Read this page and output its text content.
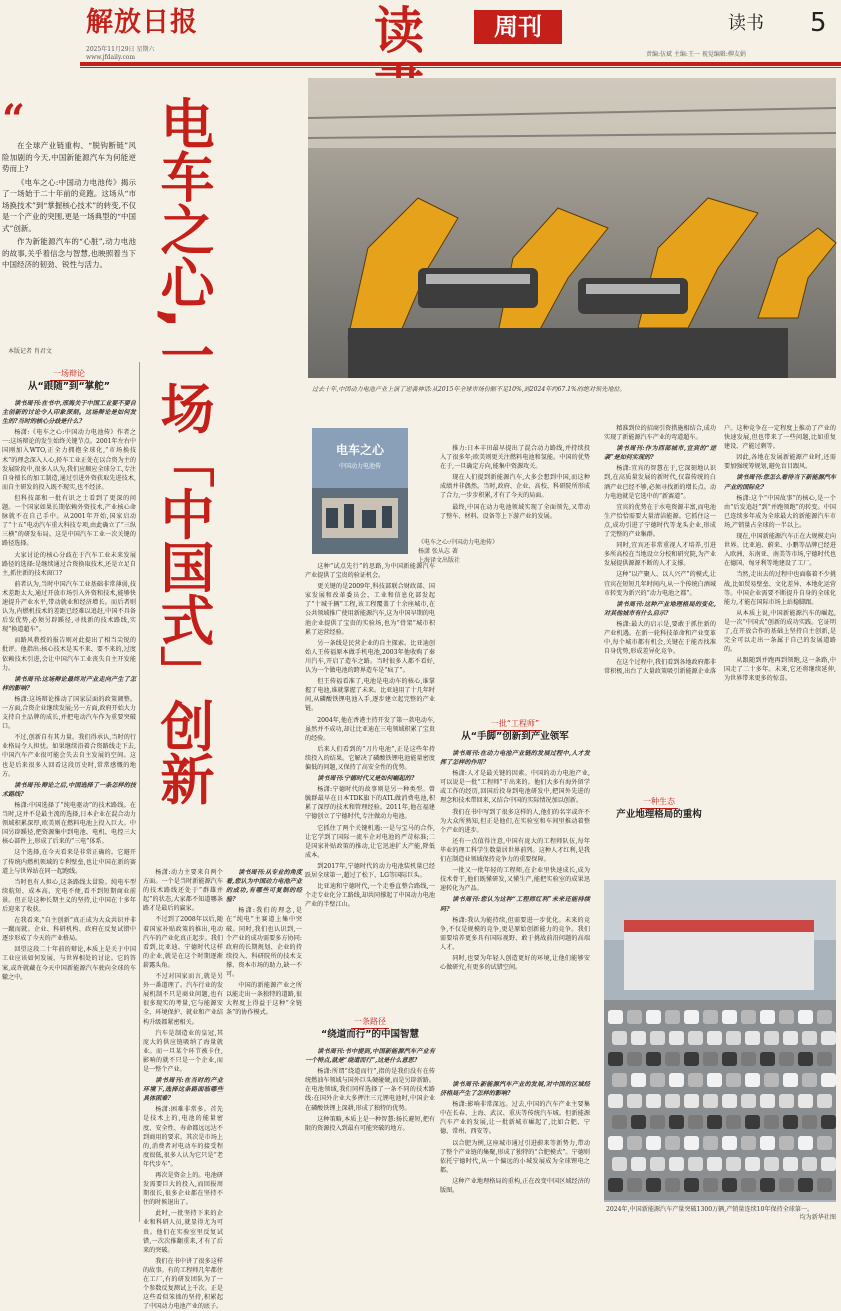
解放日报
2025年11月29日 星期六
www.jfdaily.com	读	周刊	读书 5
责编:伍斌 主编:王一 视觉编辑:柳友娟
“

在全球产业链重构、“脱钩断链”风险加剧的今天,中国新能源汽车为何能逆势而上?

《电车之心:中国动力电池传》揭示了一场始于二十年前的竞跑。这场从“市场换技术”到“掌握核心技术”的转变,不仅是一个产业的突围,更是一场典型的“中国式”创新。

作为新能源汽车的“心脏”,动力电池的故事,关乎着信念与智慧,也映照着当下中国经济的韧劲、锐性与活力。

本版记者 肖君文 电车之心,一场「中国式」创新
一场辩论
从“跟随”到“掌舵”

读书周刊:在书中,邢海关于中国工业要不要自主创新的讨论令人印象深刻。这场辩论是如何发生的?当时的核心分歧是什么?

杨潇:《电车之心:中国动力电池传》作者之一:这场辩论的发生始终关键节点。2001年左右中国刚加入WTO,正全力拥抱全球化,“市场换技术”的理念深入人心,轿车工业正处在以合资为主的发展阶段中,很多人认为,我们应顺应全球分工,专注自身擅长的加工制造,通过引进外资获取先进技术,而自主研发的投入既不现实,也不经济。

但科技部和一批有识之士看到了更深的问题。一个国家如果长期依赖外资技术,产业核心命脉就不在自己手中。从2001年开始,国家启动了“十五”电动汽车重大科技专项,由此确立了“三纵三横”的研发布局。这是中国汽车工业一次关键的路径选择。

大家讨论的核心分歧在于汽车工业未来发展路径的选择:是继续通过合资换取技术,还是立足自主,抓住新的技术窗口?

前者认为,当时中国汽车工业基础非常薄弱,技术差距太大,通过开放市场引入外资和技术,能够快速提升产业水平,带动就业和经济增长。而后者则认为,内燃机技术的差距已经难以追赶,中国不具备后发优势,必须另辟蹊径,寻找新的技术路线,实现“换道超车”。

而路风教授的报告则对此提出了相当尖锐的批评。他指出:核心技术是买不来、要不来的,过度依赖技术引进,会让中国汽车工业丧失自主开发能力。

读书周刊:这场辩论最终对产业走向产生了怎样的影响?

杨潇:这场辩论推动了国家层面的政策调整。一方面,合资企业继续发展;另一方面,政府开始大力支持自主品牌的成长,并把电动汽车作为重要突破口。

不过,创新自有其力量。我们得承认,当时的行业格局令人担忧。如果继续沿着合资路线走下去,中国汽车产业很可能会失去自主发展的空间。这也是后来很多人回看这段历史时,常常感慨的地方。

读书周刊:辩论之后,中国选择了一条怎样的技术路线?

杨潇:中国选择了“纯电驱动”的技术路线。在当时,这并不是最主流的选择,日本企业在混合动力领域积累深厚,欧美则在燃料电池上投入巨大。中国另辟蹊径,把资源集中到电池、电机、电控三大核心部件上,形成了后来的“三电”体系。

这个选择,在今天看来是非常正确的。它避开了传统内燃机领域的专利壁垒,也让中国在新的赛道上与世界站在同一起跑线。

当时也有人担心,这条路线太冒险。纯电车型续航短、成本高、充电不便,看不到短期商业前景。但正是这种长期主义的坚持,让中国在十多年后迎来了收获。

在我看来,“自主创新”真正成为大众共识并非一蹴而就。企业、科研机构、政府在反复试错中逐步形成了今天的产业格局。

回望这段二十年前的辩论,本质上是关于中国工业应该如何发展、与世界相处的讨论。它的答案,或许就藏在今天中国新能源汽车驶向全球的车辙之中。

杨潇:动力主要来自两个方面。一个是当时新能源汽车的技术路线还处于“群雄并起”的状态,大家都不知道哪条路才是最后的赢家。

不过到了2008年以后,随着国家补贴政策的推出,电动汽车的产业化真正起步。我们看到,比亚迪、宁德时代这样的企业,就是在这个时期逐渐崭露头角。

不过对国家而言,就是另外一番道理了。汽车行业的发展机制不只是商业问题,也有很多现实的考量,它与能源安全、环境保护、就业和产业结构升级都紧密相关。

汽车是制造业的皇冠,其庞大的供应链吸纳了海量就业。而一旦某个环节被卡住,影响的就不只是一个企业,而是一整个产业。

读书周刊:在当时的产业环境下,选择这条路面临哪些具体困难?

杨潇:困难非常多。首先是技术上的,电池的能量密度、安全性、寿命都远远达不到商用的要求。其次是市场上的,消费者对电动车的接受程度很低,很多人认为它只是“老年代步车”。

再次是资金上的。电池研发需要巨大的投入,而回报周期很长,很多企业都在坚持不住的时候退出了。

此时,一批坚持下来的企业和科研人员,就显得尤为可贵。他们在实验室里反复试错,一次次推翻重来,才有了后来的突破。

我们在书中讲了很多这样的故事。有的工程师几年都住在工厂,有的研发团队为了一个参数反复测试上千次。正是这些看似笨拙的坚持,积累起了中国动力电池产业的底子。

读书周刊:从专业的角度看,您认为中国动力电池产业的成功,有哪些可复制的经验?

杨潇:我们的理念,是在“纯电”主赛道上集中突破。同时,我们也认识到,一个产业的成功需要多方协同:政府的长期规划、企业的持续投入、科研院所的技术支撑、资本市场的助力,缺一不可。

中国的新能源产业之所以能走出一条独特的道路,很大程度上得益于这种“全链条”的协作模式。

过去十年,中国动力电池产业上演了逆袭神话:从2015年全球市场份额不足10%,到2024年约67.1%的绝对领先地位。
电车之心
中国动力电池传
《电车之心:中国动力电池传》
杨潇 张从志 著
上海译文出版社

这种“试点先行”的思路,为中国新能源汽车产业提供了宝贵的验证机会。

更关键的是2009年,科技部联合财政部、国家发展和改革委员会、工业和信息化部发起了“十城千辆”工程,该工程覆盖了十余座城市,在公共领域推广使用新能源汽车,这为中国早期的电池企业提供了宝贵的实验场,也为“骨架”城市积累了运营经验。

另一条线是民营企业的自主探索。比亚迪创始人王传福原本做手机电池,2003年他收购了秦川汽车,开启了造车之路。当时很多人都不看好,认为一个做电池的跨界造车是“疯了”。

但王传福看准了,电池是电动车的核心,谁掌握了电池,谁就掌握了未来。比亚迪用了十几年时间,从磷酸铁锂电池入手,逐步建立起完整的产业链。

2004年,他在香港主持开发了第一款电动车,虽然并不成功,却让比亚迪在三电领域积累了宝贵的经验。

后来人们看到的“刀片电池”,正是这些年持续投入的结果。它解决了磷酸铁锂电池能量密度偏低的问题,又保持了高安全性的优势。

读书周刊:宁德时代又是如何崛起的?

杨潇:宁德时代的故事则是另一种类型。曾毓群最早在日本TDK旗下的ATL做消费电池,积累了深厚的技术和管理经验。2011年,他在福建宁德创立了宁德时代,专注做动力电池。

它抓住了两个关键机遇:一是与宝马的合作,让它学到了国际一流车企对电池的严苛标准;二是国家补贴政策的推动,让它迅速扩大产能,降低成本。

到2017年,宁德时代的动力电池装机量已经跃居全球第一,超过了松下、LG等国际巨头。

比亚迪和宁德时代,一个走垂直整合路线,一个走专业化分工路线,却共同撑起了中国动力电池产业的半壁江山。

一条路径
“绕道而行”的中国智慧

读书周刊:书中提到,中国新能源汽车产业有一个特点,就是“绕道而行”,这是什么意思?

杨潇:所谓“绕道而行”,指的是我们没有在传统燃油车领域与国外巨头硬碰硬,而是另辟新路。在电池领域,我们同样选择了一条不同的技术路线:在国外企业大多押注三元锂电池时,中国企业在磷酸铁锂上深耕,形成了独特的优势。

这种策略,本质上是一种智慧:扬长避短,把有限的资源投入到最有可能突破的地方。

推力:日本丰田最早提出了混合动力路线,并持续投入了很多年;欧美则更关注燃料电池和氢能。中国的优势在于,一旦确定方向,能集中资源攻关。

现在人们提到新能源汽车,大多会想到中国,而这种成绩并非偶然。当时,政府、企业、高校、科研院所形成了合力,一步步积累,才有了今天的局面。

最终,中国在动力电池领域实现了全面领先,又带动了整车、材料、设备等上下游产业的发展。

一批“工程师”
从“手脚”创新到产业领军

读书周刊:在动力电池产业链的发展过程中,人才发挥了怎样的作用?

杨潇:人才是最关键的因素。中国的动力电池产业,可以说是一批“工程师”干出来的。他们大多有海外留学或工作的经历,回国后投身到电池研发中,把国外先进的理念和技术带回来,又结合中国的实际情况加以创新。

我们在书中写到了很多这样的人,他们的名字或许不为大众所熟知,但正是他们,在实验室和车间里推动着整个产业的进步。

还有一点值得注意,中国有庞大的工程师队伍,每年毕业的理工科学生数量居世界前列。这种人才红利,是我们在制造业领域保持竞争力的重要保障。

一批又一批年轻的工程师,在企业里快速成长,成为技术骨干,他们既懂研发,又懂生产,能把实验室的成果迅速转化为产品。

读书周刊:您认为这种“工程师红利”未来还能持续吗?

杨潇:我认为能持续,但需要进一步优化。未来的竞争,不仅是规模的竞争,更是原始创新能力的竞争。我们需要培养更多具有国际视野、敢于挑战前沿问题的高端人才。

同时,也要为年轻人创造更好的环境,让他们能够安心做研究,有更多的试错空间。

精准到位的招商引资措施相结合,成功实现了新能源汽车产业的弯道超车。

读书周刊:作为西部城市,宜宾的“逆袭”是如何实现的?

杨潇:宜宾的智慧在于,它深刻地认识到,在高质量发展的新时代,仅靠传统的白酒产业已经不够,必须寻找新的增长点。动力电池就是它选中的“新赛道”。

宜宾的优势在于水电资源丰富,而电池生产恰恰需要大量清洁能源。它抓住这一点,成功引进了宁德时代等龙头企业,形成了完整的产业集群。

同时,宜宾还非常重视人才培养,引进多所高校在当地设立分校和研究院,为产业发展提供源源不断的人才支撑。

这种“以产聚人、以人兴产”的模式,让宜宾在短短几年时间内,从一个传统白酒城市转变为新兴的“动力电池之都”。

读书周刊:这种产业地理格局的变化,对其他城市有什么启示?

杨潇:最大的启示是,要敢于抓住新的产业机遇。在新一轮科技革命和产业变革中,每个城市都有机会,关键在于能否找准自身优势,形成差异化竞争。

在这个过程中,我们看到各地政府都非常积极,出台了大量政策吸引新能源企业落户。这种竞争在一定程度上推动了产业的快速发展,但也带来了一些问题,比如重复建设、产能过剩等。

因此,各地在发展新能源产业时,还需要加强统筹规划,避免盲目跟风。

读书周刊:您怎么看待当下新能源汽车产业的国际化?

杨潇:这个“中国故事”的核心,是一个由“后发追赶”到“并跑领跑”的转变。中国已连续多年成为全球最大的新能源汽车市场,产销量占全球的一半以上。

现在,中国新能源汽车正在大规模走向世界。比亚迪、蔚来、小鹏等品牌已经进入欧洲、东南亚、南美等市场,宁德时代也在德国、匈牙利等地建设了工厂。

当然,走出去的过程中也面临着不少挑战,比如贸易壁垒、文化差异、本地化运营等。中国企业需要不断提升自身的全球化能力,才能在国际市场上站稳脚跟。

从本质上说,中国新能源汽车的崛起,是一次“中国式”创新的成功实践。它证明了,在开放合作的基础上坚持自主创新,是完全可以走出一条属于自己的发展道路的。

从跟随到并跑再到领跑,这一条路,中国走了二十多年。未来,它还将继续延伸,为世界带来更多的惊喜。

一种生态
产业地理格局的重构

读书周刊:新能源汽车产业的发展,对中国的区域经济格局产生了怎样的影响?

杨潇:影响非常深远。过去,中国的汽车产业主要集中在长春、上海、武汉、重庆等传统汽车城。但新能源汽车产业的发展,让一批新城市崛起了,比如合肥、宁德、常州、西安等。

以合肥为例,这座城市通过引进蔚来等新势力,带动了整个产业链的集聚,形成了独特的“合肥模式”。宁德则依托宁德时代,从一个偏远的小城发展成为全球锂电之都。

这种产业地理格局的重构,正在改变中国区域经济的版图。

2024年,中国新能源汽车产量突破1300万辆,产销量连续10年保持全球第一。
均为新华社图
